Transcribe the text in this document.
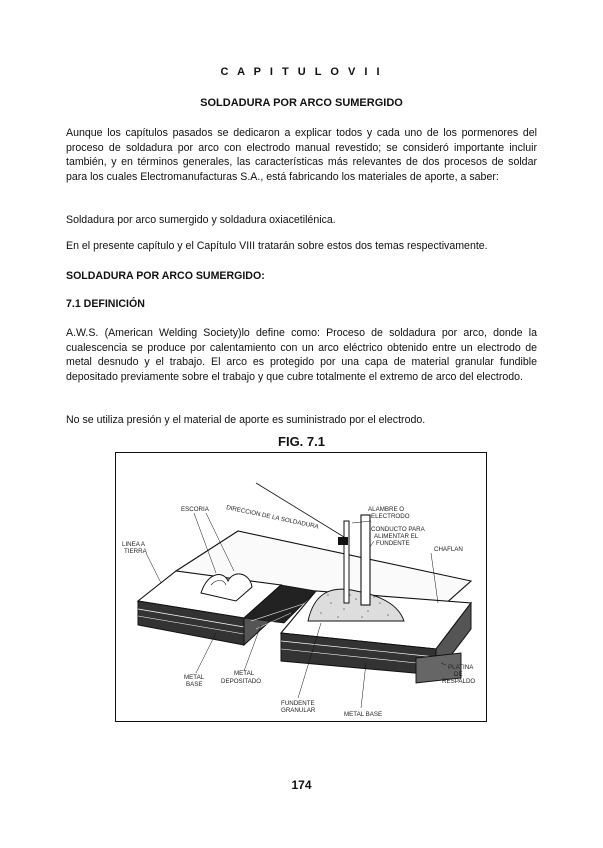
C A P I T U L O V I I
SOLDADURA POR ARCO SUMERGIDO
Aunque los capítulos pasados se dedicaron a explicar todos y cada uno de los pormenores del proceso de soldadura por arco con electrodo manual revestido; se consideró importante incluir también, y en términos generales, las características más relevantes de dos procesos de soldar para los cuales Electromanufacturas S.A., está fabricando los materiales de aporte, a saber:
Soldadura por arco sumergido y soldadura oxiacetilénica.
En el presente capítulo y el Capítulo VIII tratarán sobre estos dos temas respectivamente.
SOLDADURA POR ARCO SUMERGIDO:
7.1 DEFINICIÓN
A.W.S. (American Welding Society)lo define como: Proceso de soldadura por arco, donde la cualescencia se produce por calentamiento con un arco eléctrico obtenido entre un electrodo de metal desnudo y el trabajo. El arco es protegido por una capa de material granular fundible depositado previamente sobre el trabajo y que cubre totalmente el extremo de arco del electrodo.
No se utiliza presión y el material de aporte es suministrado por el electrodo.
FIG. 7.1
ESCORIA	DIRECCION DE LA SOLDADURA	ALAMBRE O
ELECTRODO
CONDUCTO PARA
ALIMENTAR EL
FUNDENTE
CHAFLAN
LINEA A
TIERRA
METAL
BASE
METAL
DEPOSITADO
FUNDENTE
GRANULAR
METAL BASE
PLATINA
DE
RESPALDO
174
